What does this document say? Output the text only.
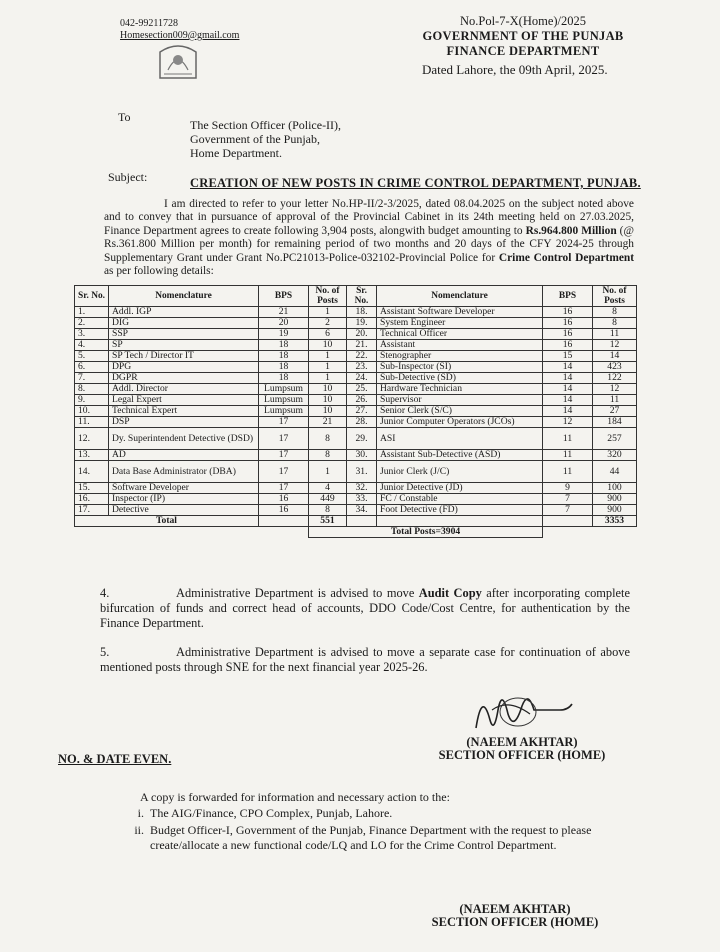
042-99211728
Homesection009@gmail.com
No.Pol-7-X(Home)/2025
GOVERNMENT OF THE PUNJAB
FINANCE DEPARTMENT
Dated Lahore, the 09th April, 2025.
To
The Section Officer (Police-II),
Government of the Punjab,
Home Department.
Subject:	CREATION OF NEW POSTS IN CRIME CONTROL DEPARTMENT, PUNJAB.
I am directed to refer to your letter No.HP-II/2-3/2025, dated 08.04.2025 on the subject noted above and to convey that in pursuance of approval of the Provincial Cabinet in its 24th meeting held on 27.03.2025, Finance Department agrees to create following 3,904 posts, alongwith budget amounting to Rs.964.800 Million (@ Rs.361.800 Million per month) for remaining period of two months and 20 days of the CFY 2024-25 through Supplementary Grant under Grant No.PC21013-Police-032102-Provincial Police for Crime Control Department as per following details:
Sr. No.	Nomenclature	BPS	No. of Posts	Sr. No.	Nomenclature	BPS	No. of Posts
1.	Addl. IGP	21	1	18.	Assistant Software Developer	16	8
2.	DIG	20	2	19.	System Engineer	16	8
3.	SSP	19	6	20.	Technical Officer	16	11
4.	SP	18	10	21.	Assistant	16	12
5.	SP Tech / Director IT	18	1	22.	Stenographer	15	14
6.	DPG	18	1	23.	Sub-Inspector (SI)	14	423
7.	DGPR	18	1	24.	Sub-Detective (SD)	14	122
8.	Addl. Director	Lumpsum	10	25.	Hardware Technician	14	12
9.	Legal Expert	Lumpsum	10	26.	Supervisor	14	11
10.	Technical Expert	Lumpsum	10	27.	Senior Clerk (S/C)	14	27
11.	DSP	17	21	28.	Junior Computer Operators (JCOs)	12	184
12.	Dy. Superintendent Detective (DSD)	17	8	29.	ASI	11	257
13.	AD	17	8	30.	Assistant Sub-Detective (ASD)	11	320
14.	Data Base Administrator (DBA)	17	1	31.	Junior Clerk (J/C)	11	44
15.	Software Developer	17	4	32.	Junior Detective (JD)	9	100
16.	Inspector (IP)	16	449	33.	FC / Constable	7	900
17.	Detective	16	8	34.	Foot Detective (FD)	7	900
Total			551				3353
			Total Posts=3904				
4.	Administrative Department is advised to move Audit Copy after incorporating complete bifurcation of funds and correct head of accounts, DDO Code/Cost Centre, for authentication by the Finance Department.
5.	Administrative Department is advised to move a separate case for continuation of above mentioned posts through SNE for the next financial year 2025-26.
(NAEEM AKHTAR)
SECTION OFFICER (HOME)
NO. & DATE EVEN.
A copy is forwarded for information and necessary action to the:
i. The AIG/Finance, CPO Complex, Punjab, Lahore.
ii. Budget Officer-I, Government of the Punjab, Finance Department with the request to please create/allocate a new functional code/LQ and LO for the Crime Control Department.
(NAEEM AKHTAR)
SECTION OFFICER (HOME)
